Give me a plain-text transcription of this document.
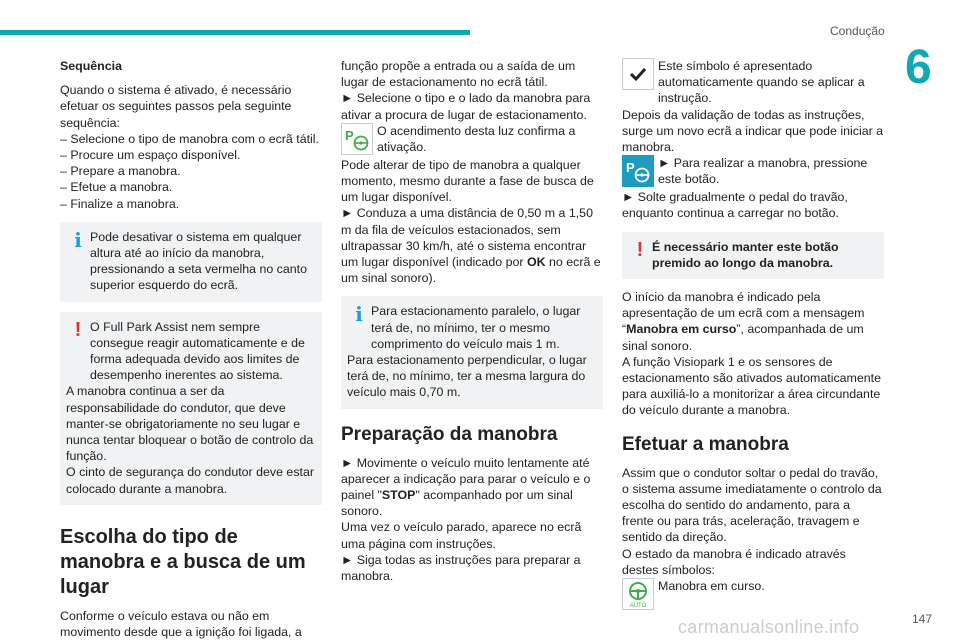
Condução
6

Sequência

Quando o sistema é ativado, é necessário efetuar os seguintes passos pela seguinte sequência:

– Selecione o tipo de manobra com o ecrã tátil.

– Procure um espaço disponível.

– Prepare a manobra.

– Efetue a manobra.

– Finalize a manobra.

i Pode desativar o sistema em qualquer altura até ao início da manobra, pressionando a seta vermelha no canto superior esquerdo do ecrã.

! O Full Park Assist nem sempre consegue reagir automaticamente e de forma adequada devido aos limites de desempenho inerentes ao sistema.

A manobra continua a ser da responsabilidade do condutor, que deve manter-se obrigatoriamente no seu lugar e nunca tentar bloquear o botão de controlo da função.

O cinto de segurança do condutor deve estar colocado durante a manobra.

Escolha do tipo de manobra e a busca de um lugar

Conforme o veículo estava ou não em movimento desde que a ignição foi ligada, a

função propõe a entrada ou a saída de um lugar de estacionamento no ecrã tátil.

► Selecione o tipo e o lado da manobra para ativar a procura de lugar de estacionamento.

P	O acendimento desta luz confirma a ativação.

Pode alterar de tipo de manobra a qualquer momento, mesmo durante a fase de busca de um lugar disponível.

► Conduza a uma distância de 0,50 m a 1,50 m da fila de veículos estacionados, sem ultrapassar 30 km/h, até o sistema encontrar um lugar disponível (indicado por OK no ecrã e um sinal sonoro).

i Para estacionamento paralelo, o lugar terá de, no mínimo, ter o mesmo comprimento do veículo mais 1 m.

Para estacionamento perpendicular, o lugar terá de, no mínimo, ter a mesma largura do veículo mais 0,70 m.

Preparação da manobra

► Movimente o veículo muito lentamente até aparecer a indicação para parar o veículo e o painel "STOP" acompanhado por um sinal sonoro.

Uma vez o veículo parado, aparece no ecrã uma página com instruções.

► Siga todas as instruções para preparar a manobra.

Este símbolo é apresentado automaticamente quando se aplicar a instrução.

Depois da validação de todas as instruções, surge um novo ecrã a indicar que pode iniciar a manobra.

P	► Para realizar a manobra, pressione este botão.

► Solte gradualmente o pedal do travão, enquanto continua a carregar no botão.

! É necessário manter este botão premido ao longo da manobra.

O início da manobra é indicado pela apresentação de um ecrã com a mensagem “Manobra em curso”, acompanhada de um sinal sonoro.

A função Visiopark 1 e os sensores de estacionamento são ativados automaticamente para auxiliá-lo a monitorizar a área circundante do veículo durante a manobra.

Efetuar a manobra

Assim que o condutor soltar o pedal do travão, o sistema assume imediatamente o controlo da escolha do sentido do andamento, para a frente ou para trás, aceleração, travagem e sentido da direção.

O estado da manobra é indicado através destes símbolos:

AUTO

Manobra em curso.

carmanualsonline.info	147
